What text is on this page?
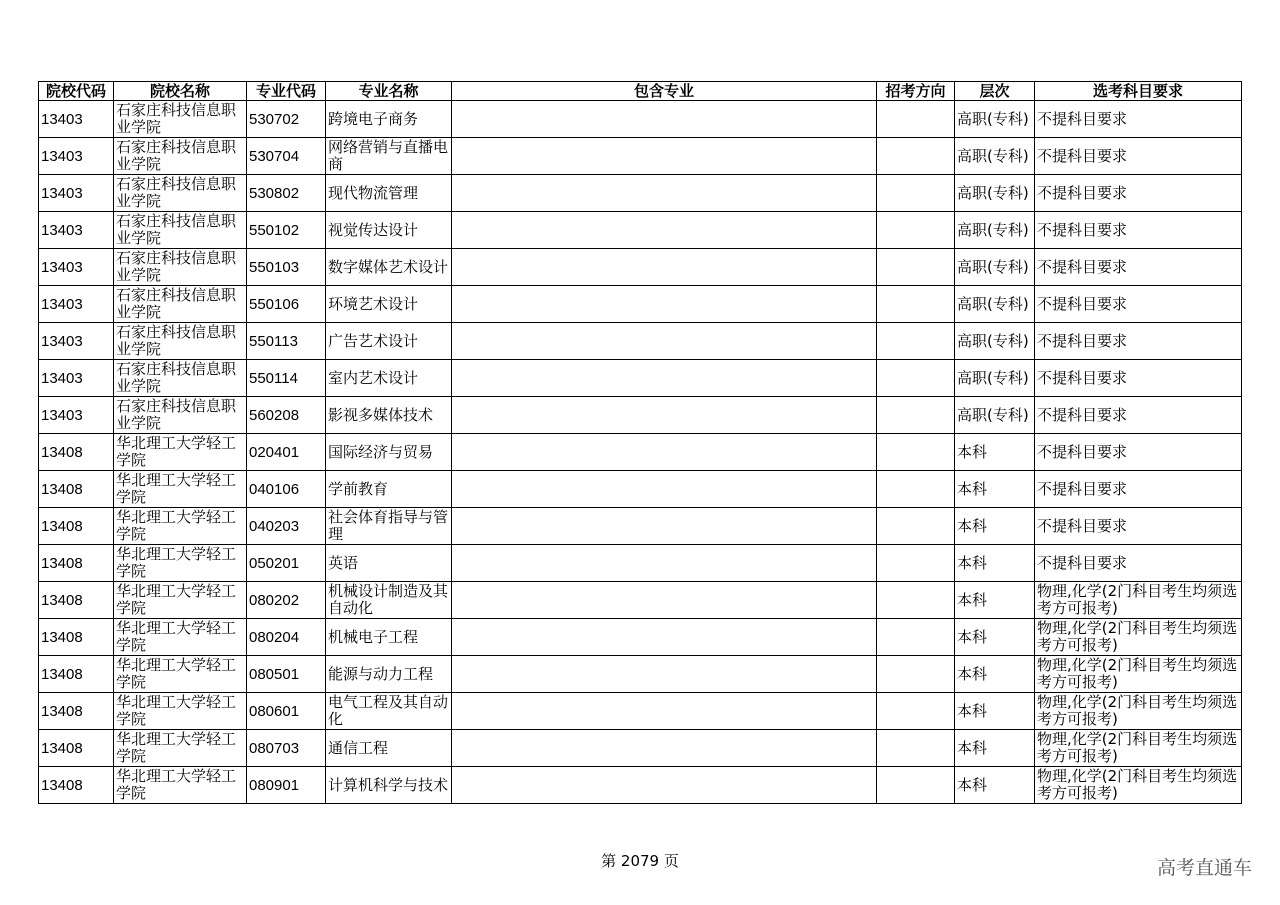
院校代码	院校名称	专业代码	专业名称	包含专业	招考方向	层次	选考科目要求
13403	石家庄科技信息职业学院	530702	跨境电子商务			高职(专科)	不提科目要求
13403	石家庄科技信息职业学院	530704	网络营销与直播电商			高职(专科)	不提科目要求
13403	石家庄科技信息职业学院	530802	现代物流管理			高职(专科)	不提科目要求
13403	石家庄科技信息职业学院	550102	视觉传达设计			高职(专科)	不提科目要求
13403	石家庄科技信息职业学院	550103	数字媒体艺术设计			高职(专科)	不提科目要求
13403	石家庄科技信息职业学院	550106	环境艺术设计			高职(专科)	不提科目要求
13403	石家庄科技信息职业学院	550113	广告艺术设计			高职(专科)	不提科目要求
13403	石家庄科技信息职业学院	550114	室内艺术设计			高职(专科)	不提科目要求
13403	石家庄科技信息职业学院	560208	影视多媒体技术			高职(专科)	不提科目要求
13408	华北理工大学轻工学院	020401	国际经济与贸易			本科	不提科目要求
13408	华北理工大学轻工学院	040106	学前教育			本科	不提科目要求
13408	华北理工大学轻工学院	040203	社会体育指导与管理			本科	不提科目要求
13408	华北理工大学轻工学院	050201	英语			本科	不提科目要求
13408	华北理工大学轻工学院	080202	机械设计制造及其自动化			本科	物理,化学(2门科目考生均须选考方可报考)
13408	华北理工大学轻工学院	080204	机械电子工程			本科	物理,化学(2门科目考生均须选考方可报考)
13408	华北理工大学轻工学院	080501	能源与动力工程			本科	物理,化学(2门科目考生均须选考方可报考)
13408	华北理工大学轻工学院	080601	电气工程及其自动化			本科	物理,化学(2门科目考生均须选考方可报考)
13408	华北理工大学轻工学院	080703	通信工程			本科	物理,化学(2门科目考生均须选考方可报考)
13408	华北理工大学轻工学院	080901	计算机科学与技术			本科	物理,化学(2门科目考生均须选考方可报考)
第 2079 页	高考直通车
